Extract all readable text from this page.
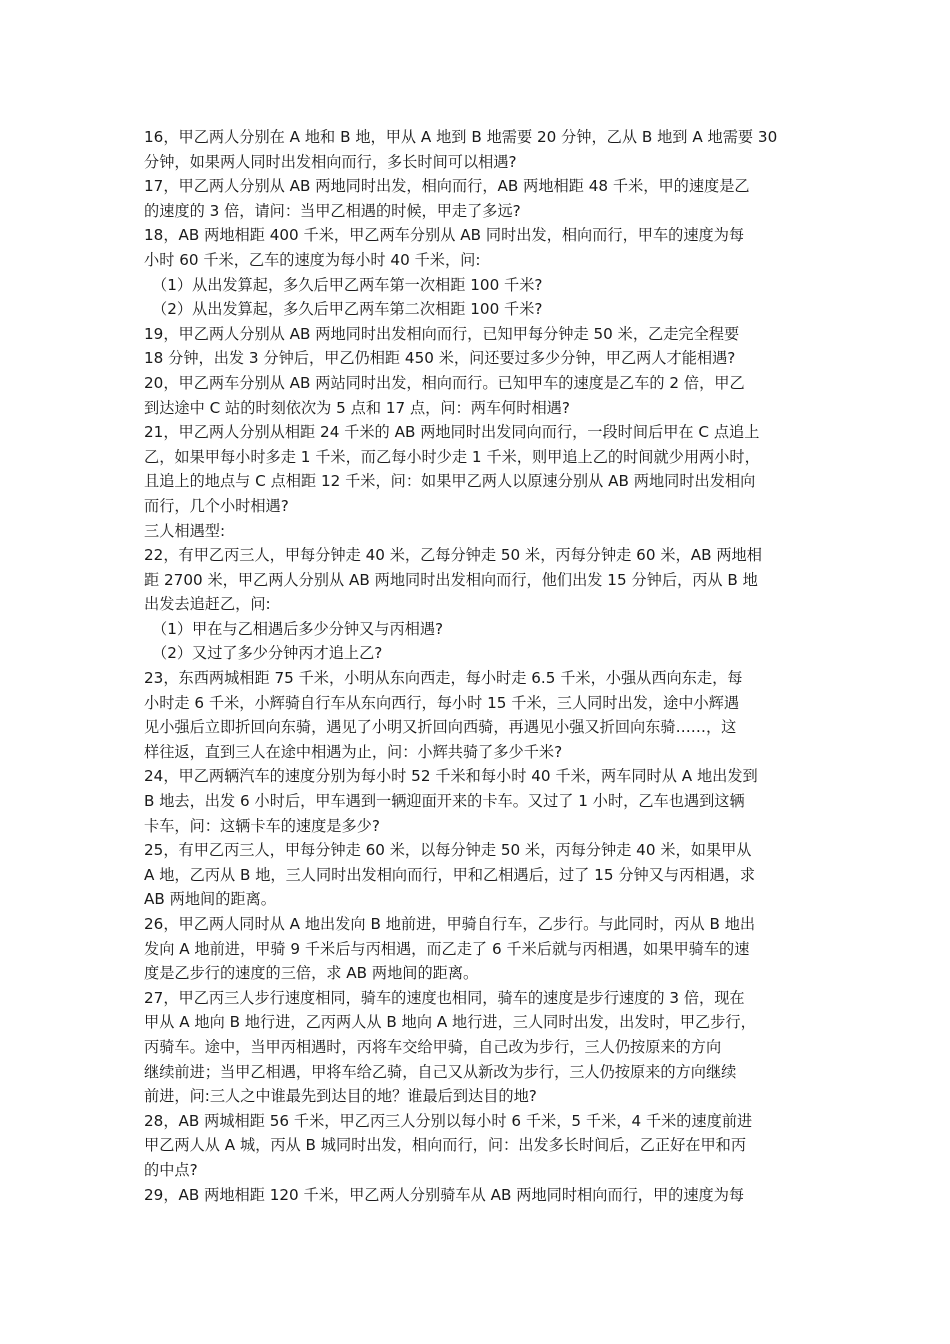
16，甲乙两人分别在 A 地和 B 地，甲从 A 地到 B 地需要 20 分钟，乙从 B 地到 A 地需要 30
分钟，如果两人同时出发相向而行，多长时间可以相遇?
17，甲乙两人分别从 AB 两地同时出发，相向而行，AB 两地相距 48 千米，甲的速度是乙
的速度的 3 倍，请问：当甲乙相遇的时候，甲走了多远?
18，AB 两地相距 400 千米，甲乙两车分别从 AB 同时出发，相向而行，甲车的速度为每
小时 60 千米，乙车的速度为每小时 40 千米，问:
（1）从出发算起，多久后甲乙两车第一次相距 100 千米?
（2）从出发算起，多久后甲乙两车第二次相距 100 千米?
19，甲乙两人分别从 AB 两地同时出发相向而行，已知甲每分钟走 50 米，乙走完全程要
18 分钟，出发 3 分钟后，甲乙仍相距 450 米，问还要过多少分钟，甲乙两人才能相遇?
20，甲乙两车分别从 AB 两站同时出发，相向而行。已知甲车的速度是乙车的 2 倍，甲乙
到达途中 C 站的时刻依次为 5 点和 17 点，问：两车何时相遇?
21，甲乙两人分别从相距 24 千米的 AB 两地同时出发同向而行，一段时间后甲在 C 点追上
乙，如果甲每小时多走 1 千米，而乙每小时少走 1 千米，则甲追上乙的时间就少用两小时，
且追上的地点与 C 点相距 12 千米，问：如果甲乙两人以原速分别从 AB 两地同时出发相向
而行，几个小时相遇?
三人相遇型:
22，有甲乙丙三人，甲每分钟走 40 米，乙每分钟走 50 米，丙每分钟走 60 米，AB 两地相
距 2700 米，甲乙两人分别从 AB 两地同时出发相向而行，他们出发 15 分钟后，丙从 B 地
出发去追赶乙，问:
（1）甲在与乙相遇后多少分钟又与丙相遇?
（2）又过了多少分钟丙才追上乙?
23，东西两城相距 75 千米，小明从东向西走，每小时走 6.5 千米，小强从西向东走，每
小时走 6 千米，小辉骑自行车从东向西行，每小时 15 千米，三人同时出发，途中小辉遇
见小强后立即折回向东骑，遇见了小明又折回向西骑，再遇见小强又折回向东骑……，这
样往返，直到三人在途中相遇为止，问：小辉共骑了多少千米?
24，甲乙两辆汽车的速度分别为每小时 52 千米和每小时 40 千米，两车同时从 A 地出发到
B 地去，出发 6 小时后，甲车遇到一辆迎面开来的卡车。又过了 1 小时，乙车也遇到这辆
卡车，问：这辆卡车的速度是多少?
25，有甲乙丙三人，甲每分钟走 60 米，以每分钟走 50 米，丙每分钟走 40 米，如果甲从
A 地，乙丙从 B 地，三人同时出发相向而行，甲和乙相遇后，过了 15 分钟又与丙相遇，求
AB 两地间的距离。
26，甲乙两人同时从 A 地出发向 B 地前进，甲骑自行车，乙步行。与此同时，丙从 B 地出
发向 A 地前进，甲骑 9 千米后与丙相遇，而乙走了 6 千米后就与丙相遇，如果甲骑车的速
度是乙步行的速度的三倍，求 AB 两地间的距离。
27，甲乙丙三人步行速度相同，骑车的速度也相同，骑车的速度是步行速度的 3 倍，现在
甲从 A 地向 B 地行进，乙丙两人从 B 地向 A 地行进，三人同时出发，出发时，甲乙步行，
丙骑车。途中，当甲丙相遇时，丙将车交给甲骑，自己改为步行，三人仍按原来的方向
继续前进；当甲乙相遇，甲将车给乙骑，自己又从新改为步行，三人仍按原来的方向继续
前进，问:三人之中谁最先到达目的地？谁最后到达目的地?
28，AB 两城相距 56 千米，甲乙丙三人分别以每小时 6 千米，5 千米，4 千米的速度前进
甲乙两人从 A 城，丙从 B 城同时出发，相向而行，问：出发多长时间后，乙正好在甲和丙
的中点?
29，AB 两地相距 120 千米，甲乙两人分别骑车从 AB 两地同时相向而行，甲的速度为每
